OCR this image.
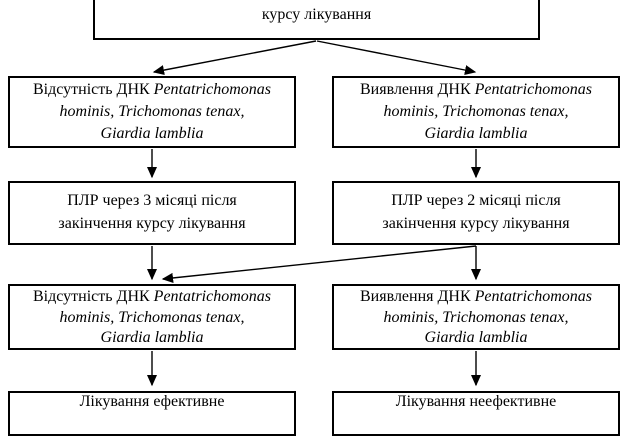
курсу лікування
Відсутність ДНК Pentatrichomonas
hominis, Trichomonas tenax,
Giardia lamblia
Виявлення ДНК Pentatrichomonas
hominis, Trichomonas tenax,
Giardia lamblia
ПЛР через 3 місяці після
закінчення курсу лікування
ПЛР через 2 місяці після
закінчення курсу лікування
Відсутність ДНК Pentatrichomonas
hominis, Trichomonas tenax,
Giardia lamblia
Виявлення ДНК Pentatrichomonas
hominis, Trichomonas tenax,
Giardia lamblia
Лікування ефективне	Лікування неефективне
